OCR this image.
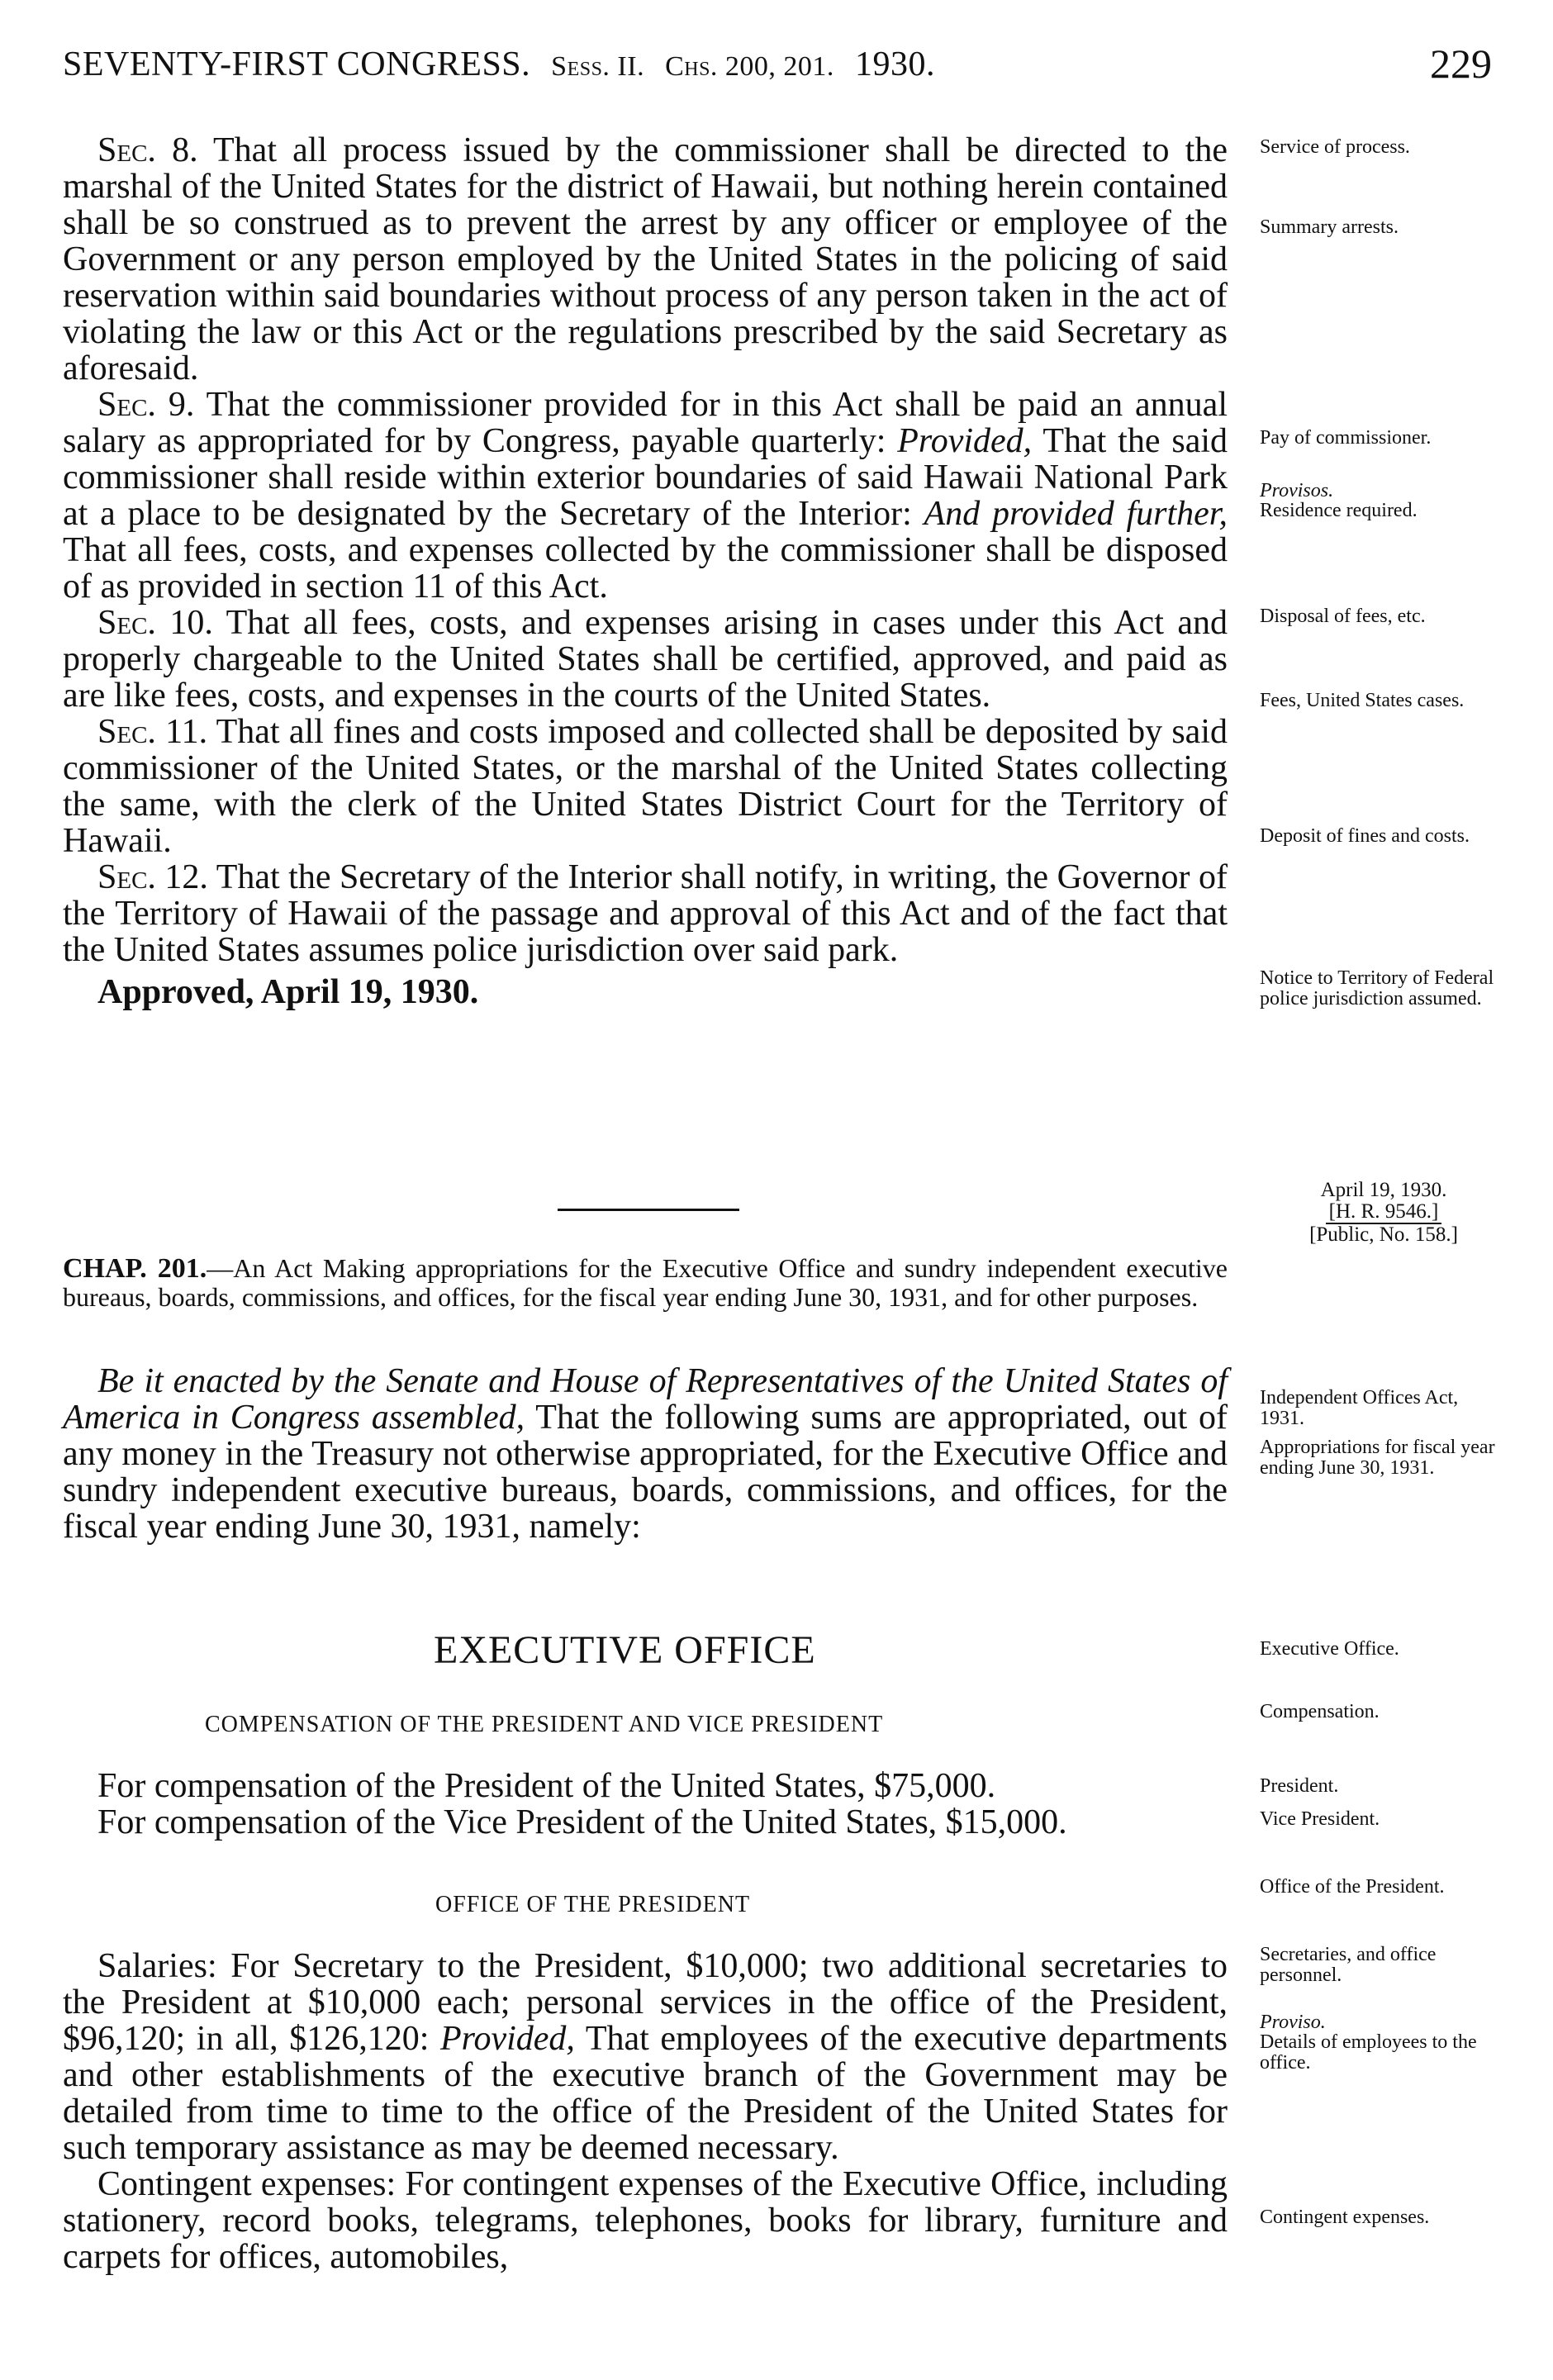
SEVENTY-FIRST CONGRESS. Sess. II. Chs. 200, 201. 1930.	229

Sec. 8. That all process issued by the commissioner shall be directed to the marshal of the United States for the district of Hawaii, but nothing herein contained shall be so construed as to prevent the arrest by any officer or employee of the Government or any person employed by the United States in the policing of said reservation within said boundaries without process of any person taken in the act of violating the law or this Act or the regulations prescribed by the said Secretary as aforesaid.

Sec. 9. That the commissioner provided for in this Act shall be paid an annual salary as appropriated for by Congress, payable quarterly: Provided, That the said commissioner shall reside within exterior boundaries of said Hawaii National Park at a place to be designated by the Secretary of the Interior: And provided further, That all fees, costs, and expenses collected by the commissioner shall be disposed of as provided in section 11 of this Act.

Sec. 10. That all fees, costs, and expenses arising in cases under this Act and properly chargeable to the United States shall be certified, approved, and paid as are like fees, costs, and expenses in the courts of the United States.

Sec. 11. That all fines and costs imposed and collected shall be deposited by said commissioner of the United States, or the marshal of the United States collecting the same, with the clerk of the United States District Court for the Territory of Hawaii.

Sec. 12. That the Secretary of the Interior shall notify, in writing, the Governor of the Territory of Hawaii of the passage and approval of this Act and of the fact that the United States assumes police jurisdiction over said park.

Approved, April 19, 1930.
Service of process.
Summary arrests.
Pay of commissioner.
Provisos.
Residence required.
Disposal of fees, etc.
Fees, United States cases.
Deposit of fines and costs.
Notice to Territory of Federal police jurisdiction assumed.
April 19, 1930.
[H. R. 9546.]
[Public, No. 158.]
CHAP. 201.—An Act Making appropriations for the Executive Office and sundry independent executive bureaus, boards, commissions, and offices, for the fiscal year ending June 30, 1931, and for other purposes.

Be it enacted by the Senate and House of Representatives of the United States of America in Congress assembled, That the following sums are appropriated, out of any money in the Treasury not otherwise appropriated, for the Executive Office and sundry independent executive bureaus, boards, commissions, and offices, for the fiscal year ending June 30, 1931, namely:

Independent Offices Act, 1931.
Appropriations for fiscal year ending June 30, 1931.
EXECUTIVE OFFICE	Executive Office.
COMPENSATION OF THE PRESIDENT AND VICE PRESIDENT	Compensation.

For compensation of the President of the United States, $75,000.

For compensation of the Vice President of the United States, $15,000.

President.
Vice President.
OFFICE OF THE PRESIDENT
Office of the President.

Salaries: For Secretary to the President, $10,000; two additional secretaries to the President at $10,000 each; personal services in the office of the President, $96,120; in all, $126,120: Provided, That employees of the executive departments and other establishments of the executive branch of the Government may be detailed from time to time to the office of the President of the United States for such temporary assistance as may be deemed necessary.

Contingent expenses: For contingent expenses of the Executive Office, including stationery, record books, telegrams, telephones, books for library, furniture and carpets for offices, automobiles,

Secretaries, and office personnel.
Proviso.
Details of employees to the office.
Contingent expenses.
